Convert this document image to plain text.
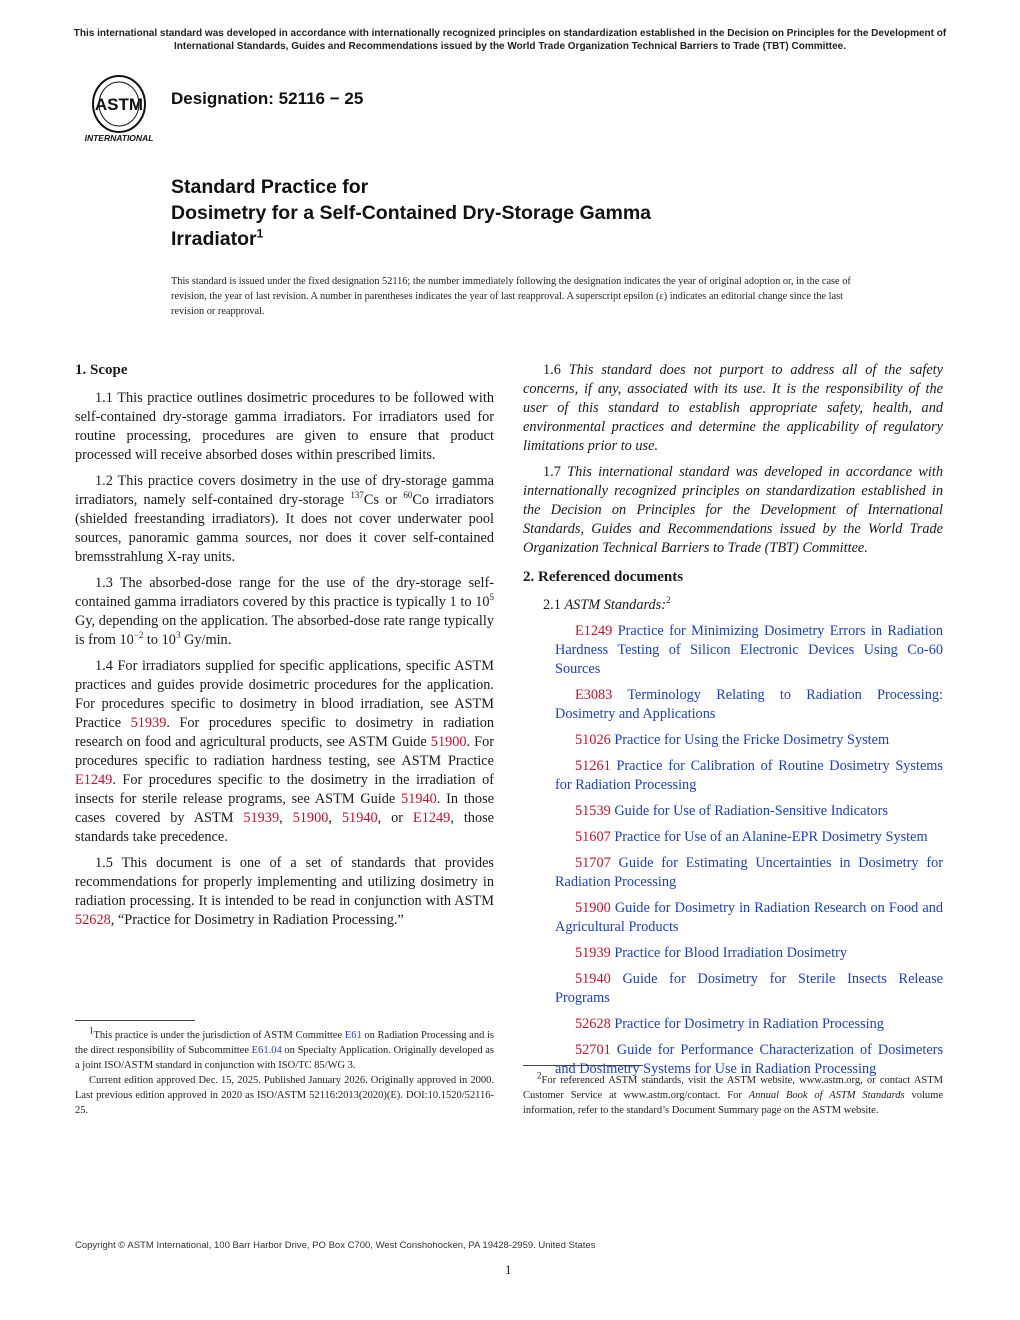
This international standard was developed in accordance with internationally recognized principles on standardization established in the Decision on Principles for the Development of International Standards, Guides and Recommendations issued by the World Trade Organization Technical Barriers to Trade (TBT) Committee.
ASTM
INTERNATIONAL
Designation: 52116 − 25
Standard Practice for
Dosimetry for a Self-Contained Dry-Storage Gamma
Irradiator$^1$

This standard is issued under the fixed designation 52116; the number immediately following the designation indicates the year of original adoption or, in the case of revision, the year of last revision. A number in parentheses indicates the year of last reapproval. A superscript epsilon (ε) indicates an editorial change since the last revision or reapproval.

1. Scope

1.1 This practice outlines dosimetric procedures to be followed with self-contained dry-storage gamma irradiators. For irradiators used for routine processing, procedures are given to ensure that product processed will receive absorbed doses within prescribed limits.

1.2 This practice covers dosimetry in the use of dry-storage gamma irradiators, namely self-contained dry-storage $^{137}$Cs or $^{60}$Co irradiators (shielded freestanding irradiators). It does not cover underwater pool sources, panoramic gamma sources, nor does it cover self-contained bremsstrahlung X-ray units.

1.3 The absorbed-dose range for the use of the dry-storage self-contained gamma irradiators covered by this practice is typically 1 to $10^5$ Gy, depending on the application. The absorbed-dose rate range typically is from $10^{-2}$ to $10^3$ Gy/min.

1.4 For irradiators supplied for specific applications, specific ASTM practices and guides provide dosimetric procedures for the application. For procedures specific to dosimetry in blood irradiation, see ASTM Practice 51939. For procedures specific to dosimetry in radiation research on food and agricultural products, see ASTM Guide 51900. For procedures specific to radiation hardness testing, see ASTM Practice E1249. For procedures specific to the dosimetry in the irradiation of insects for sterile release programs, see ASTM Guide 51940. In those cases covered by ASTM 51939, 51900, 51940, or E1249, those standards take precedence.

1.5 This document is one of a set of standards that provides recommendations for properly implementing and utilizing dosimetry in radiation processing. It is intended to be read in conjunction with ASTM 52628, “Practice for Dosimetry in Radiation Processing.”

1.6 This standard does not purport to address all of the safety concerns, if any, associated with its use. It is the responsibility of the user of this standard to establish appropriate safety, health, and environmental practices and determine the applicability of regulatory limitations prior to use.

1.7 This international standard was developed in accordance with internationally recognized principles on standardization established in the Decision on Principles for the Development of International Standards, Guides and Recommendations issued by the World Trade Organization Technical Barriers to Trade (TBT) Committee.

2. Referenced documents

2.1 ASTM Standards:$^2$

E1249 Practice for Minimizing Dosimetry Errors in Radiation Hardness Testing of Silicon Electronic Devices Using Co-60 Sources

E3083 Terminology Relating to Radiation Processing: Dosimetry and Applications

51026 Practice for Using the Fricke Dosimetry System

51261 Practice for Calibration of Routine Dosimetry Systems for Radiation Processing

51539 Guide for Use of Radiation-Sensitive Indicators

51607 Practice for Use of an Alanine-EPR Dosimetry System

51707 Guide for Estimating Uncertainties in Dosimetry for Radiation Processing

51900 Guide for Dosimetry in Radiation Research on Food and Agricultural Products

51939 Practice for Blood Irradiation Dosimetry

51940 Guide for Dosimetry for Sterile Insects Release Programs

52628 Practice for Dosimetry in Radiation Processing

52701 Guide for Performance Characterization of Dosimeters and Dosimetry Systems for Use in Radiation Processing

$^1$This practice is under the jurisdiction of ASTM Committee E61 on Radiation Processing and is the direct responsibility of Subcommittee E61.04 on Specialty Application. Originally developed as a joint ISO/ASTM standard in conjunction with ISO/TC 85/WG 3.

Current edition approved Dec. 15, 2025. Published January 2026. Originally approved in 2000. Last previous edition approved in 2020 as ISO/ASTM 52116:2013(2020)(E). DOI:10.1520/52116-25.

$^2$For referenced ASTM standards, visit the ASTM website, www.astm.org, or contact ASTM Customer Service at www.astm.org/contact. For Annual Book of ASTM Standards volume information, refer to the standard’s Document Summary page on the ASTM website.

Copyright © ASTM International, 100 Barr Harbor Drive, PO Box C700, West Conshohocken, PA 19428-2959. United States
1
